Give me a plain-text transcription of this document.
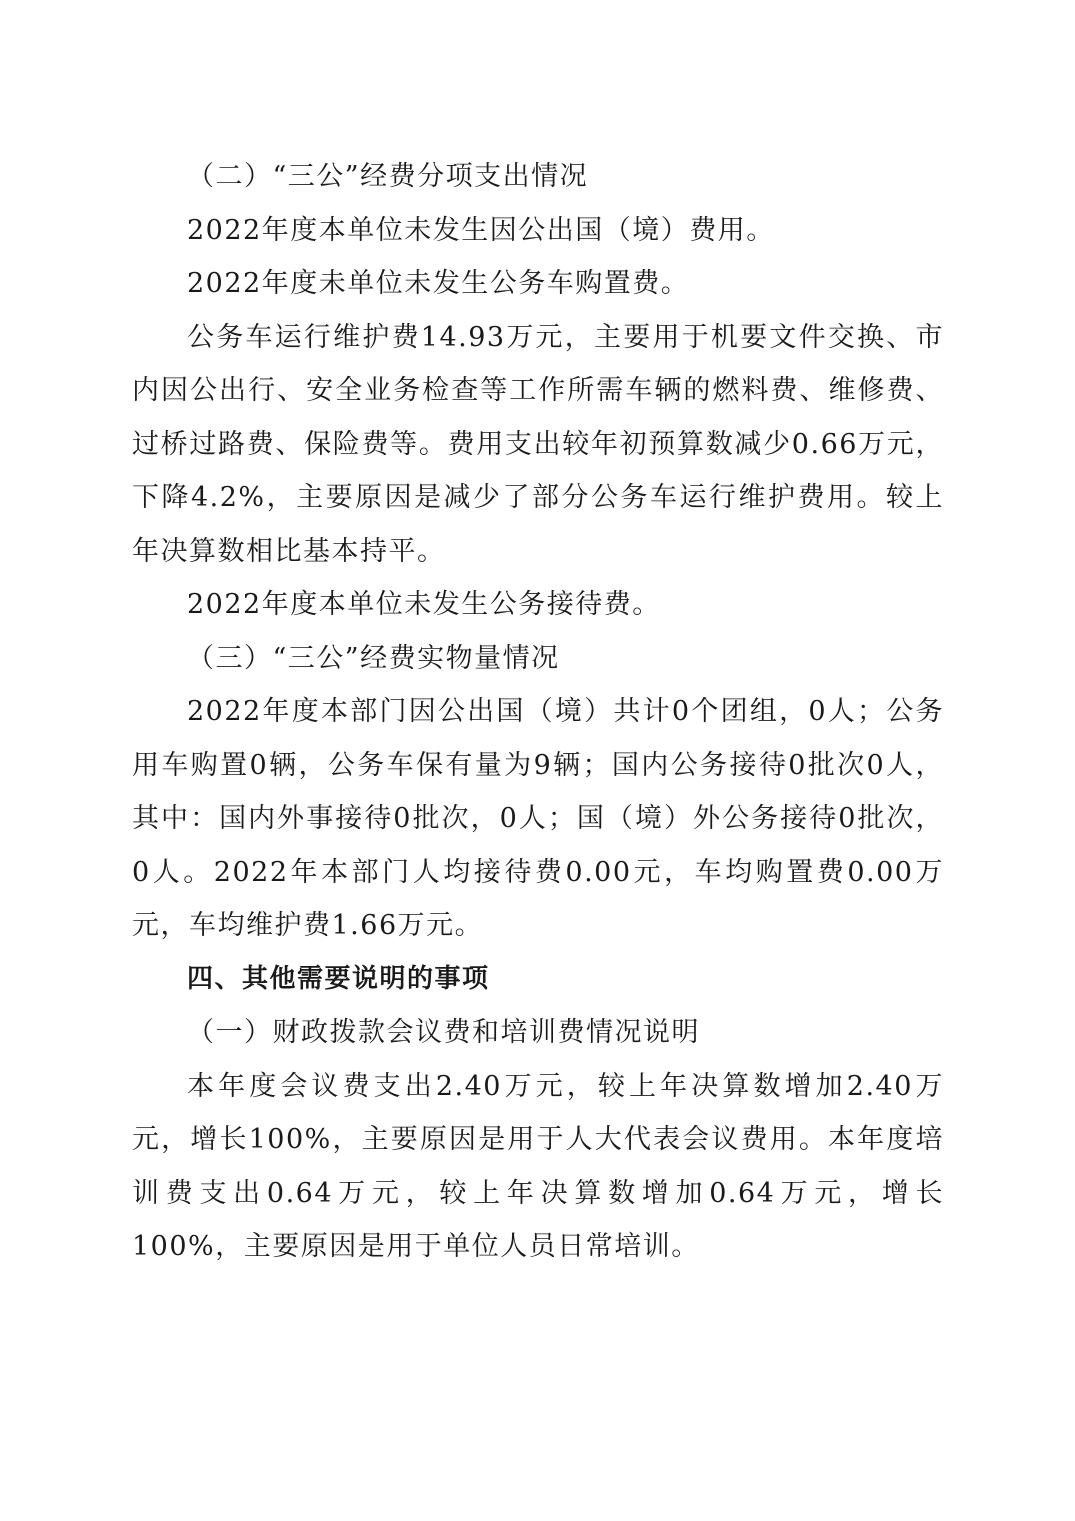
（二）“三公”经费分项支出情况

2022年度本单位未发生因公出国（境）费用。

2022年度未单位未发生公务车购置费。

公务车运行维护费14.93万元，主要用于机要文件交换、市内因公出行、安全业务检查等工作所需车辆的燃料费、维修费、过桥过路费、保险费等。费用支出较年初预算数减少0.66万元，下降4.2%，主要原因是减少了部分公务车运行维护费用。较上年决算数相比基本持平。

2022年度本单位未发生公务接待费。

（三）“三公”经费实物量情况

2022年度本部门因公出国（境）共计0个团组，0人；公务用车购置0辆，公务车保有量为9辆；国内公务接待0批次0人，其中：国内外事接待0批次，0人；国（境）外公务接待0批次，0人。2022年本部门人均接待费0.00元，车均购置费0.00万元，车均维护费1.66万元。

四、其他需要说明的事项

（一）财政拨款会议费和培训费情况说明

本年度会议费支出2.40万元，较上年决算数增加2.40万元，增长100%，主要原因是用于人大代表会议费用。本年度培训费支出0.64万元，较上年决算数增加0.64万元，增长100%，主要原因是用于单位人员日常培训。
